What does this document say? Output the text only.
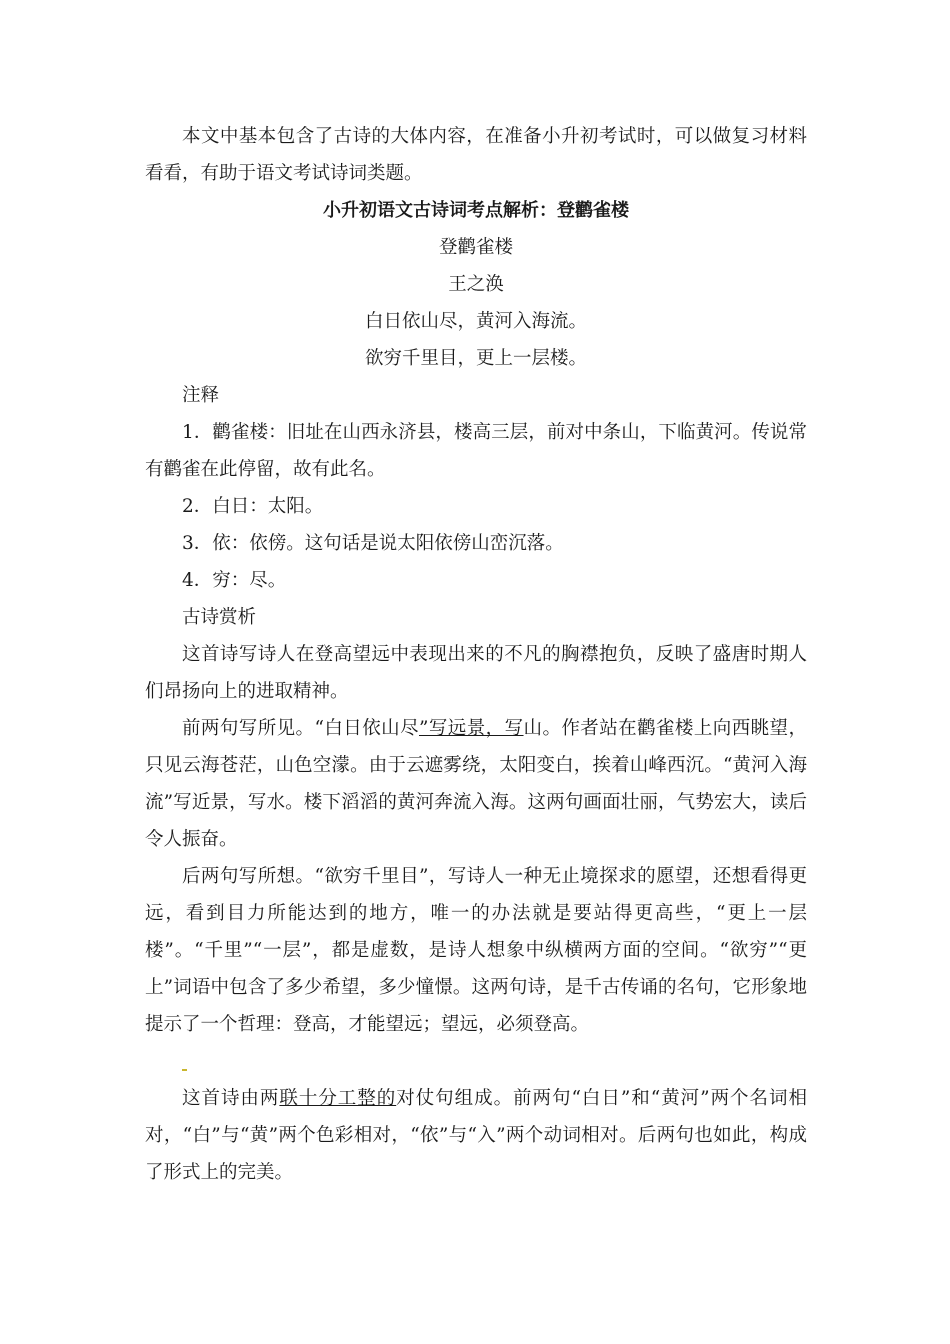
本文中基本包含了古诗的大体内容，在准备小升初考试时，可以做复习材料看看，有助于语文考试诗词类题。

小升初语文古诗词考点解析：登鹳雀楼

登鹳雀楼

王之涣

白日依山尽，黄河入海流。

欲穷千里目，更上一层楼。

注释

1．鹳雀楼：旧址在山西永济县，楼高三层，前对中条山，下临黄河。传说常有鹳雀在此停留，故有此名。

2．白日：太阳。

3．依：依傍。这句话是说太阳依傍山峦沉落。

4．穷：尽。

古诗赏析

这首诗写诗人在登高望远中表现出来的不凡的胸襟抱负，反映了盛唐时期人们昂扬向上的进取精神。

前两句写所见。“白日依山尽”写远景，写山。作者站在鹳雀楼上向西眺望，只见云海苍茫，山色空濛。由于云遮雾绕，太阳变白，挨着山峰西沉。“黄河入海流”写近景，写水。楼下滔滔的黄河奔流入海。这两句画面壮丽，气势宏大，读后令人振奋。

后两句写所想。“欲穷千里目”，写诗人一种无止境探求的愿望，还想看得更远，看到目力所能达到的地方，唯一的办法就是要站得更高些，“更上一层楼”。“千里”“一层”，都是虚数，是诗人想象中纵横两方面的空间。“欲穷”“更上”词语中包含了多少希望，多少憧憬。这两句诗，是千古传诵的名句，它形象地提示了一个哲理：登高，才能望远；望远，必须登高。

这首诗由两联十分工整的对仗句组成。前两句“白日”和“黄河”两个名词相对，“白”与“黄”两个色彩相对，“依”与“入”两个动词相对。后两句也如此，构成了形式上的完美。
